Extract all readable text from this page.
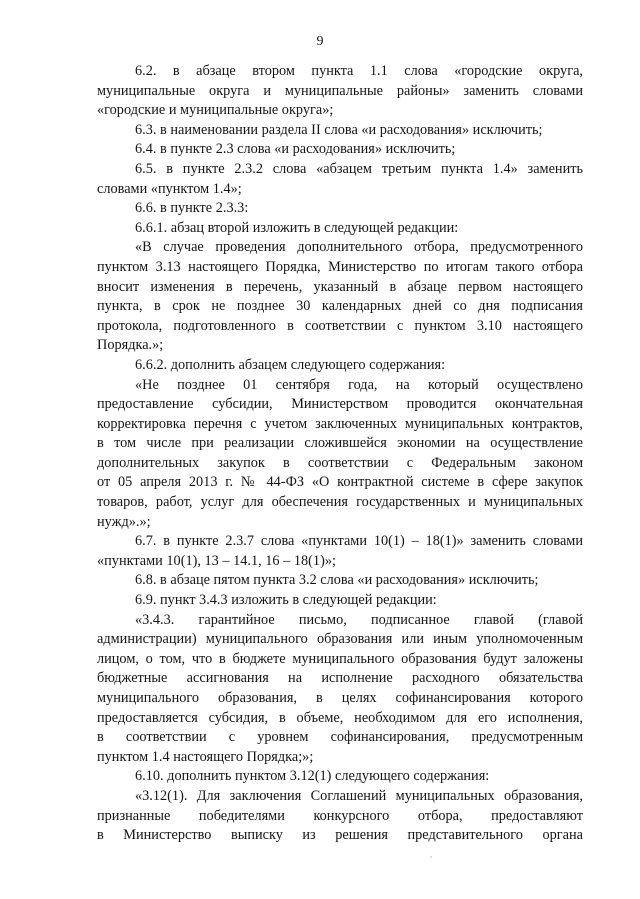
9
6.2. в абзаце втором пункта 1.1 слова «городские округа,
муниципальные округа и муниципальные районы» заменить словами
«городские и муниципальные округа»;
6.3. в наименовании раздела II слова «и расходования» исключить;
6.4. в пункте 2.3 слова «и расходования» исключить;
6.5. в пункте 2.3.2 слова «абзацем третьим пункта 1.4» заменить
словами «пунктом 1.4»;
6.6. в пункте 2.3.3:
6.6.1. абзац второй изложить в следующей редакции:
«В случае проведения дополнительного отбора, предусмотренного
пунктом 3.13 настоящего Порядка, Министерство по итогам такого отбора
вносит изменения в перечень, указанный в абзаце первом настоящего
пункта, в срок не позднее 30 календарных дней со дня подписания
протокола, подготовленного в соответствии с пунктом 3.10 настоящего
Порядка.»;
6.6.2. дополнить абзацем следующего содержания:
«Не позднее 01 сентября года, на который осуществлено
предоставление субсидии, Министерством проводится окончательная
корректировка перечня с учетом заключенных муниципальных контрактов,
в том числе при реализации сложившейся экономии на осуществление
дополнительных закупок в соответствии с Федеральным законом
от 05 апреля 2013 г. № 44-ФЗ «О контрактной системе в сфере закупок
товаров, работ, услуг для обеспечения государственных и муниципальных
нужд».»;
6.7. в пункте 2.3.7 слова «пунктами 10(1) – 18(1)» заменить словами
«пунктами 10(1), 13 – 14.1, 16 – 18(1)»;
6.8. в абзаце пятом пункта 3.2 слова «и расходования» исключить;
6.9. пункт 3.4.3 изложить в следующей редакции:
«3.4.3. гарантийное письмо, подписанное главой (главой
администрации) муниципального образования или иным уполномоченным
лицом, о том, что в бюджете муниципального образования будут заложены
бюджетные ассигнования на исполнение расходного обязательства
муниципального образования, в целях софинансирования которого
предоставляется субсидия, в объеме, необходимом для его исполнения,
в соответствии с уровнем софинансирования, предусмотренным
пунктом 1.4 настоящего Порядка;»;
6.10. дополнить пунктом 3.12(1) следующего содержания:
«3.12(1). Для заключения Соглашений муниципальных образования,
признанные победителями конкурсного отбора, предоставляют
в Министерство выписку из решения представительного органа
